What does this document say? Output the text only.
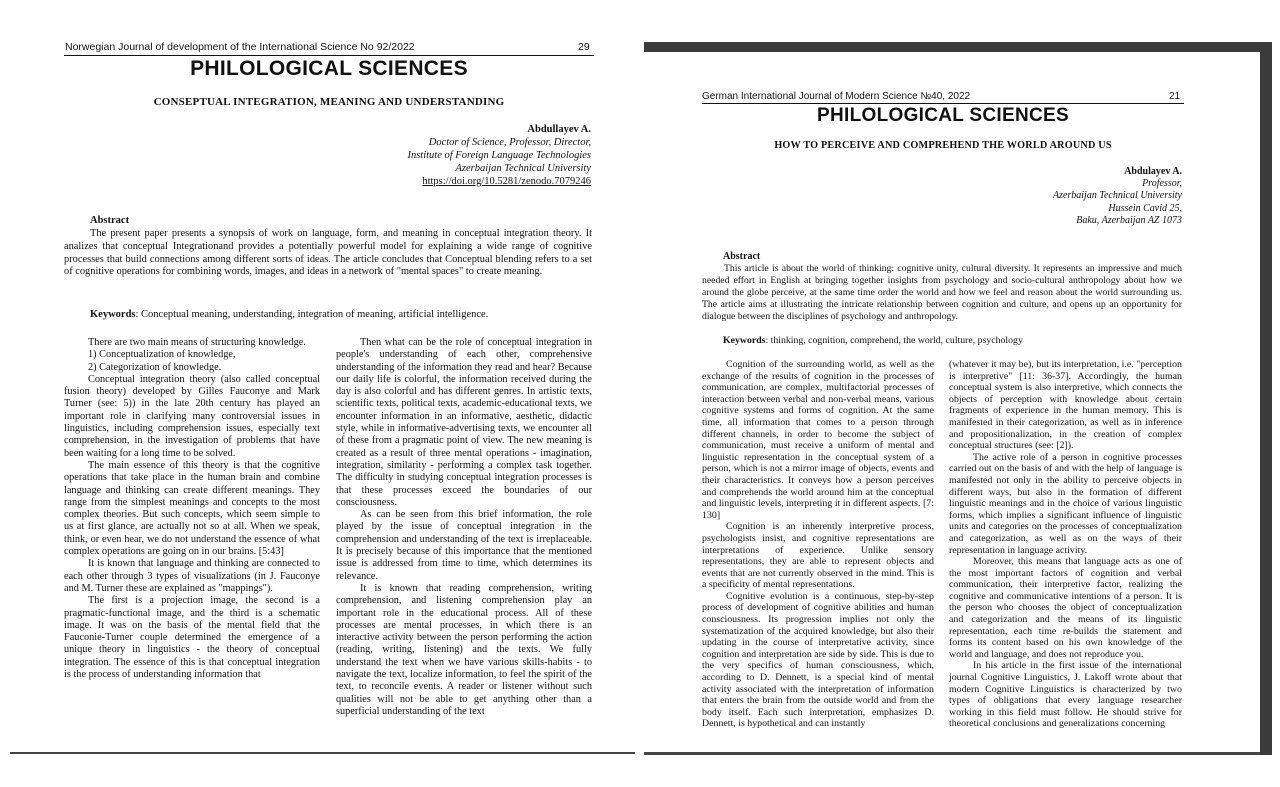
Norwegian Journal of development of the International Science No 92/2022	29
PHILOLOGICAL SCIENCES
CONSEPTUAL INTEGRATION, MEANING AND UNDERSTANDING
Abdullayev A.
Doctor of Science, Professor, Director,
Institute of Foreign Language Technologies
Azerbaijan Technical University
https://doi.org/10.5281/zenodo.7079246
Abstract
The present paper presents a synopsis of work on language, form, and meaning in conceptual integration theory. It analizes that conceptual Integrationand provides a potentially powerful model for explaining a wide range of cognitive processes that build connections among different sorts of ideas. The article concludes that Conceptual blending refers to a set of cognitive operations for combining words, images, and ideas in a network of "mental spaces" to create meaning.
Keywords: Conceptual meaning, understanding, integration of meaning, artificial intelligence.

There are two main means of structuring knowledge.

1) Conceptualization of knowledge,

2) Categorization of knowledge.

Conceptual integration theory (also called conceptual fusion theory) developed by Gilles Fauconye and Mark Turner (see: 5)) in the late 20th century has played an important role in clarifying many controversial issues in linguistics, including comprehension issues, especially text comprehension, in the investigation of problems that have been waiting for a long time to be solved.

The main essence of this theory is that the cognitive operations that take place in the human brain and combine language and thinking can create different meanings. They range from the simplest meanings and concepts to the most complex theories. But such concepts, which seem simple to us at first glance, are actually not so at all. When we speak, think, or even hear, we do not understand the essence of what complex operations are going on in our brains. [5:43]

It is known that language and thinking are connected to each other through 3 types of visualizations (in J. Fauconye and M. Turner these are explained as "mappings").

The first is a projection image, the second is a pragmatic-functional image, and the third is a schematic image. It was on the basis of the mental field that the Fauconie-Turner couple determined the emergence of a unique theory in linguistics - the theory of conceptual integration. The essence of this is that conceptual integration is the process of understanding information that

Then what can be the role of conceptual integration in people's understanding of each other, comprehensive understanding of the information they read and hear? Because our daily life is colorful, the information received during the day is also colorful and has different genres. In artistic texts, scientific texts, political texts, academic-educational texts, we encounter information in an informative, aesthetic, didactic style, while in informative-advertising texts, we encounter all of these from a pragmatic point of view. The new meaning is created as a result of three mental operations - imagination, integration, similarity - performing a complex task together. The difficulty in studying conceptual integration processes is that these processes exceed the boundaries of our consciousness.

As can be seen from this brief information, the role played by the issue of conceptual integration in the comprehension and understanding of the text is irreplaceable. It is precisely because of this importance that the mentioned issue is addressed from time to time, which determines its relevance.

It is known that reading comprehension, writing comprehension, and listening comprehension play an important role in the educational process. All of these processes are mental processes, in which there is an interactive activity between the person performing the action (reading, writing, listening) and the texts. We fully understand the text when we have various skills-habits - to navigate the text, localize information, to feel the spirit of the text, to reconcile events. A reader or listener without such qualities will not be able to get anything other than a superficial understanding of the text

German International Journal of Modern Science №40, 2022	21
PHILOLOGICAL SCIENCES
HOW TO PERCEIVE AND COMPREHEND THE WORLD AROUND US
Abdulayev A.
Professor,
Azerbaijan Technical University
Hussein Cavid 25,
Baku, Azerbaijan AZ 1073
Abstract
This article is about the world of thinking: cognitive unity, cultural diversity. It represents an impressive and much needed effort in English at bringing together insights from psychology and socio-cultural anthropology about how we around the globe perceive, at the same time order the world and how we feel and reason about the world surrounding us. The article aims at illustrating the intricate relationship between cognition and culture, and opens up an opportunity for dialogue between the disciplines of psychology and anthropology.
Keywords: thinking, cognition, comprehend, the world, culture, psychology

Cognition of the surrounding world, as well as the exchange of the results of cognition in the processes of communication, are complex, multifactorial processes of interaction between verbal and non-verbal means, various cognitive systems and forms of cognition. At the same time, all information that comes to a person through different channels, in order to become the subject of communication, must receive a uniform of mental and linguistic representation in the conceptual system of a person, which is not a mirror image of objects, events and their characteristics. It conveys how a person perceives and comprehends the world around him at the conceptual and linguistic levels, interpreting it in different aspects. [7: 130]

Cognition is an inherently interpretive process, psychologists insist, and cognitive representations are interpretations of experience. Unlike sensory representations, they are able to represent objects and events that are not currently observed in the mind. This is a specificity of mental representations.

Cognitive evolution is a continuous, step-by-step process of development of cognitive abilities and human consciousness. Its progression implies not only the systematization of the acquired knowledge, but also their updating in the course of interpretative activity, since cognition and interpretation are side by side. This is due to the very specifics of human consciousness, which, according to D. Dennett, is a special kind of mental activity associated with the interpretation of information that enters the brain from the outside world and from the body itself. Each such interpretation, emphasizes D. Dennett, is hypothetical and can instantly

(whatever it may be), but its interpretation, i.e. "perception is interpretive" [11: 36-37]. Accordingly, the human conceptual system is also interpretive, which connects the objects of perception with knowledge about certain fragments of experience in the human memory. This is manifested in their categorization, as well as in inference and propositionalization, in the creation of complex conceptual structures (see: [2]).

The active role of a person in cognitive processes carried out on the basis of and with the help of language is manifested not only in the ability to perceive objects in different ways, but also in the formation of different linguistic meanings and in the choice of various linguistic forms, which implies a significant influence of linguistic units and categories on the processes of conceptualization and categorization, as well as on the ways of their representation in language activity.

Moreover, this means that language acts as one of the most important factors of cognition and verbal communication, their interpretive factor, realizing the cognitive and communicative intentions of a person. It is the person who chooses the object of conceptualization and categorization and the means of its linguistic representation, each time re-builds the statement and forms its content based on his own knowledge of the world and language, and does not reproduce you.

In his article in the first issue of the international journal Cognitive Linguistics, J. Lakoff wrote about that modern Cognitive Linguistics is characterized by two types of obligations that every language researcher working in this field must follow. He should strive for theoretical conclusions and generalizations concerning
